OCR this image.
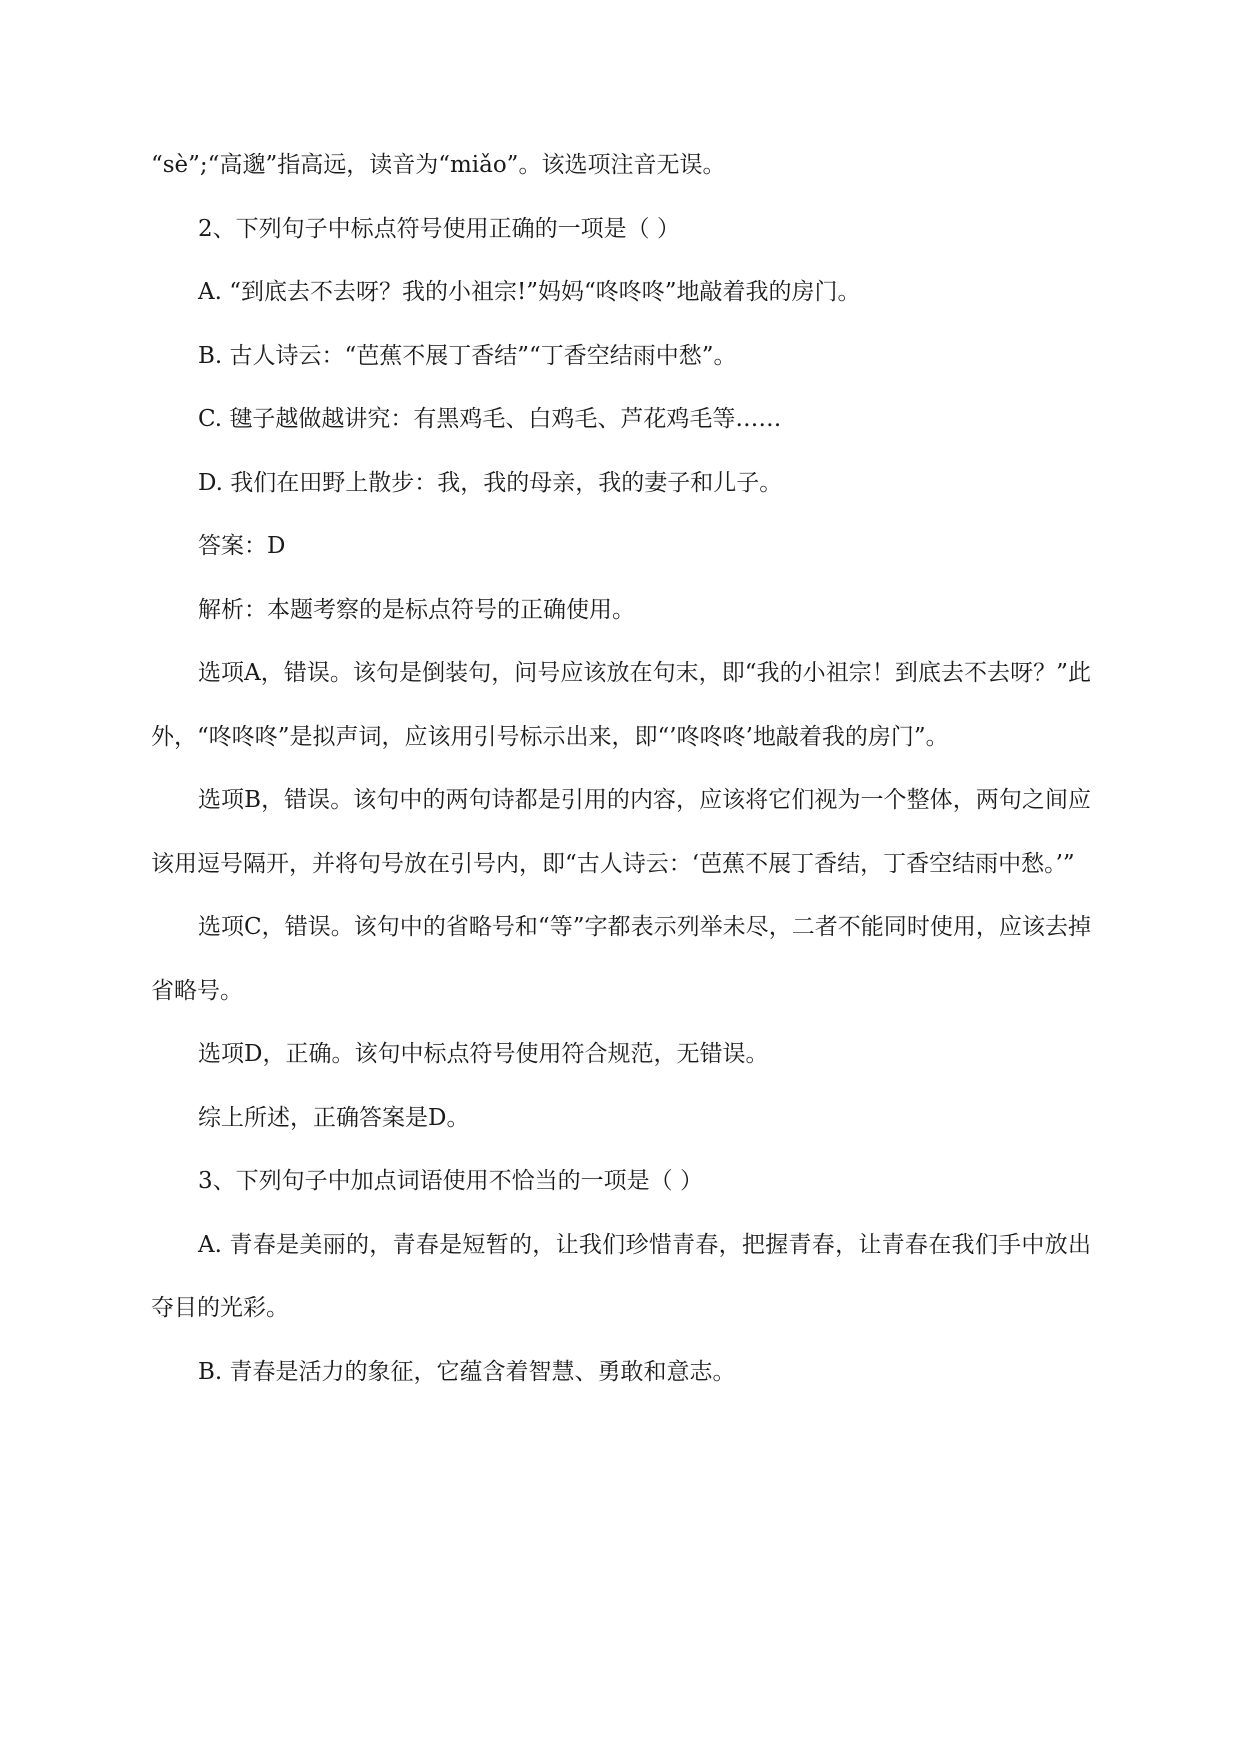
“sè”;“高邈”指高远，读音为“miǎo”。该选项注音无误。

2、下列句子中标点符号使用正确的一项是（ ）

A. “到底去不去呀？我的小祖宗!”妈妈“咚咚咚”地敲着我的房门。

B. 古人诗云：“芭蕉不展丁香结”“丁香空结雨中愁”。

C. 毽子越做越讲究：有黑鸡毛、白鸡毛、芦花鸡毛等……

D. 我们在田野上散步：我，我的母亲，我的妻子和儿子。

答案：D

解析：本题考察的是标点符号的正确使用。

选项A，错误。该句是倒装句，问号应该放在句末，即“我的小祖宗！到底去不去呀？”此外，“咚咚咚”是拟声词，应该用引号标示出来，即“’咚咚咚’地敲着我的房门”。

选项B，错误。该句中的两句诗都是引用的内容，应该将它们视为一个整体，两句之间应该用逗号隔开，并将句号放在引号内，即“古人诗云：‘芭蕉不展丁香结，丁香空结雨中愁。’”

选项C，错误。该句中的省略号和“等”字都表示列举未尽，二者不能同时使用，应该去掉省略号。

选项D，正确。该句中标点符号使用符合规范，无错误。

综上所述，正确答案是D。

3、下列句子中加点词语使用不恰当的一项是（ ）

A. 青春是美丽的，青春是短暂的，让我们珍惜青春，把握青春，让青春在我们手中放出夺目的光彩。

B. 青春是活力的象征，它蕴含着智慧、勇敢和意志。
